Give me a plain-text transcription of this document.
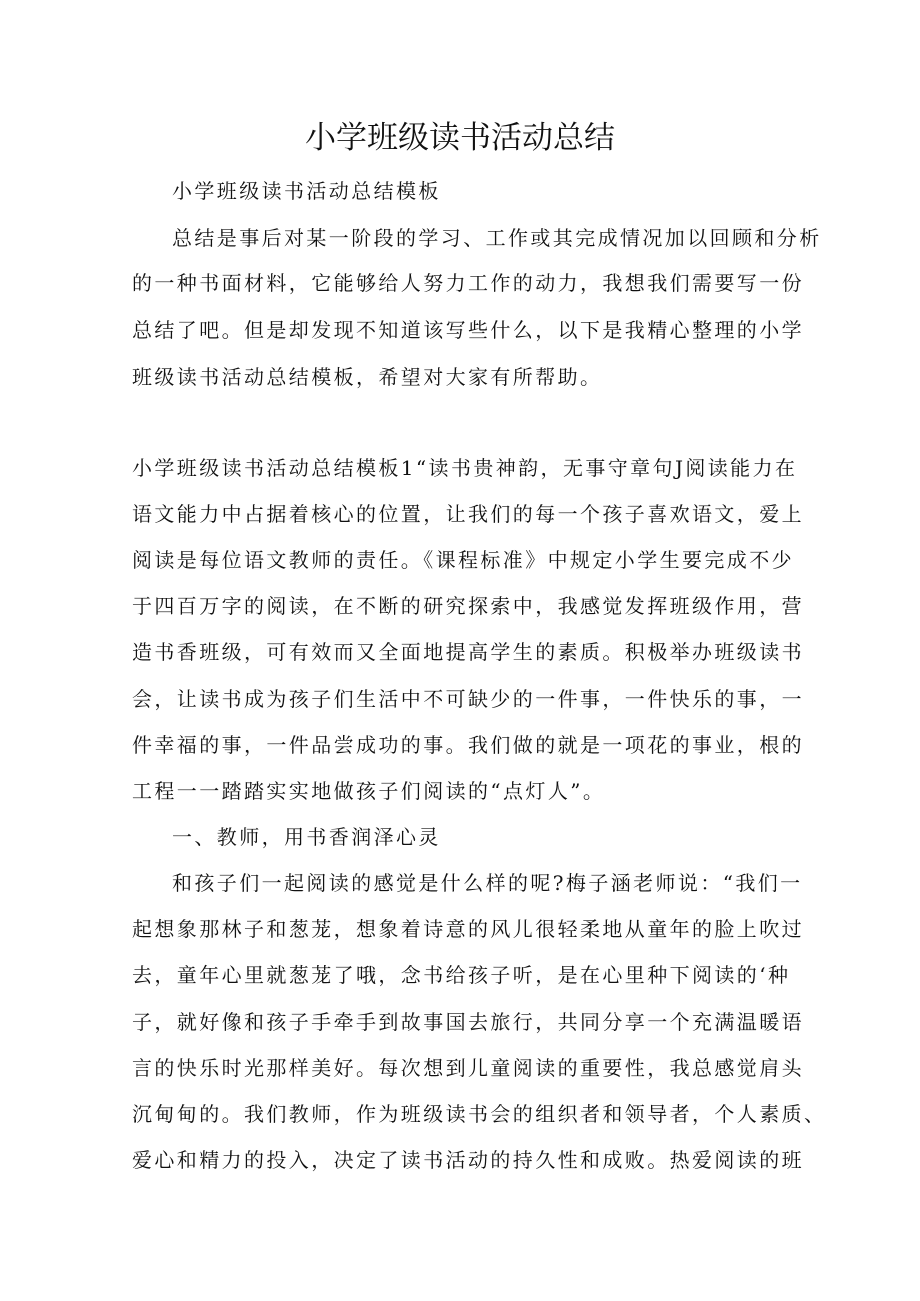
小学班级读书活动总结
小学班级读书活动总结模板
总结是事后对某一阶段的学习、工作或其完成情况加以回顾和分析
的一种书面材料，它能够给人努力工作的动力，我想我们需要写一份
总结了吧。但是却发现不知道该写些什么，以下是我精心整理的小学
班级读书活动总结模板，希望对大家有所帮助。
小学班级读书活动总结模板1“读书贵神韵，无事守章句J阅读能力在
语文能力中占据着核心的位置，让我们的每一个孩子喜欢语文，爱上
阅读是每位语文教师的责任。《课程标准》中规定小学生要完成不少
于四百万字的阅读，在不断的研究探索中，我感觉发挥班级作用，营
造书香班级，可有效而又全面地提高学生的素质。积极举办班级读书
会，让读书成为孩子们生活中不可缺少的一件事，一件快乐的事，一
件幸福的事，一件品尝成功的事。我们做的就是一项花的事业，根的
工程一一踏踏实实地做孩子们阅读的“点灯人”。
一、教师，用书香润泽心灵
和孩子们一起阅读的感觉是什么样的呢?梅子涵老师说：“我们一
起想象那林子和葱茏，想象着诗意的风儿很轻柔地从童年的脸上吹过
去，童年心里就葱茏了哦，念书给孩子听，是在心里种下阅读的‘种
子，就好像和孩子手牵手到故事国去旅行，共同分享一个充满温暖语
言的快乐时光那样美好。每次想到儿童阅读的重要性，我总感觉肩头
沉甸甸的。我们教师，作为班级读书会的组织者和领导者，个人素质、
爱心和精力的投入，决定了读书活动的持久性和成败。热爱阅读的班
